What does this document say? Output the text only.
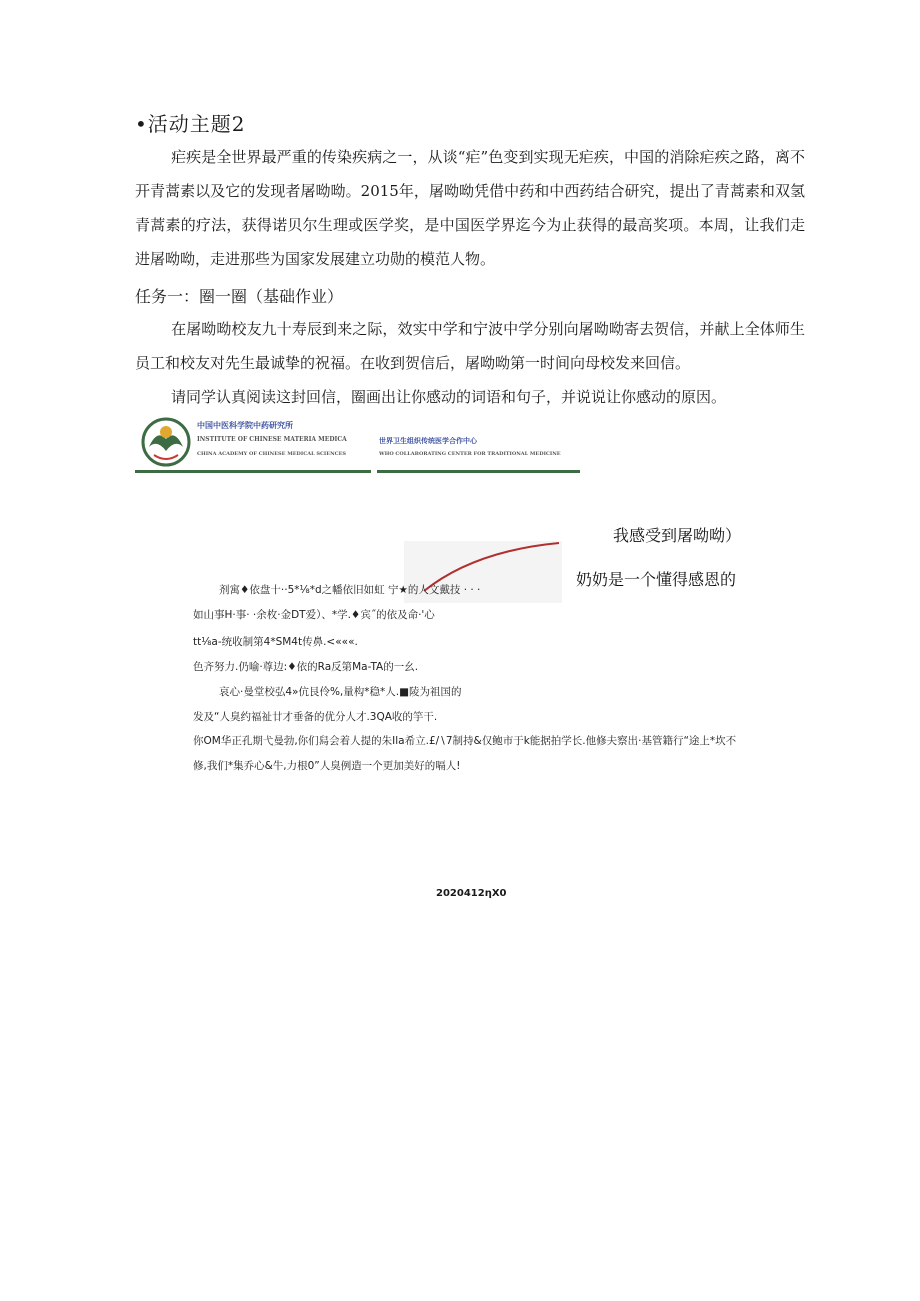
•活动主题2
疟疾是全世界最严重的传染疾病之一，从谈“疟”色变到实现无疟疾，中国的消除疟疾之路，离不开青蒿素以及它的发现者屠呦呦。2015年，屠呦呦凭借中药和中西药结合研究，提出了青蒿素和双氢青蒿素的疗法，获得诺贝尔生理或医学奖，是中国医学界迄今为止获得的最高奖项。本周，让我们走进屠呦呦，走进那些为国家发展建立功勋的模范人物。
任务一：圈一圈（基础作业）
在屠呦呦校友九十寿辰到来之际，效实中学和宁波中学分别向屠呦呦寄去贺信，并献上全体师生员工和校友对先生最诚挚的祝福。在收到贺信后，屠呦呦第一时间向母校发来回信。
请同学认真阅读这封回信，圈画出让你感动的词语和句子，并说说让你感动的原因。
中国中医科学院中药研究所
INSTITUTE OF CHINESE MATERIA MEDICA
CHINA ACADEMY OF CHINESE MEDICAL SCIENCES
世界卫生组织传统医学合作中心
WHO COLLABORATING CENTER FOR TRADITIONAL MEDICINE
我感受到屠呦呦）
奶奶是一个懂得感恩的
剂寓♦依盘十··5*⅛*d之幡依旧如虹 宁★的人文戴技 · · ·
如山事H·事· ·余枚·金DT爱）、*学.♦宾˝的依及命·'心
tt⅛a-统收制第4*SM4t传鼻.<«««.
色齐努力.仍喻·尊边:♦依的Ra反第Ma-TA的一幺.
哀心·曼堂校弘4»伉艮伶%,量构*稳*人.■陵为祖国的
发及“人臭约福祉廿才垂备的优分人才.3QA收的竽干.
你OM华正孔期弋曼勃,你们舄会着人提的朱Ila希立.£/∖7制持&仅鲍市于k能据拍学长.他修夫察出·基管籍行“途上*坎不
修,我们*集乔心&牛,力根0”人臭例造一个更加美好的嗝人!
2020412ηX0
